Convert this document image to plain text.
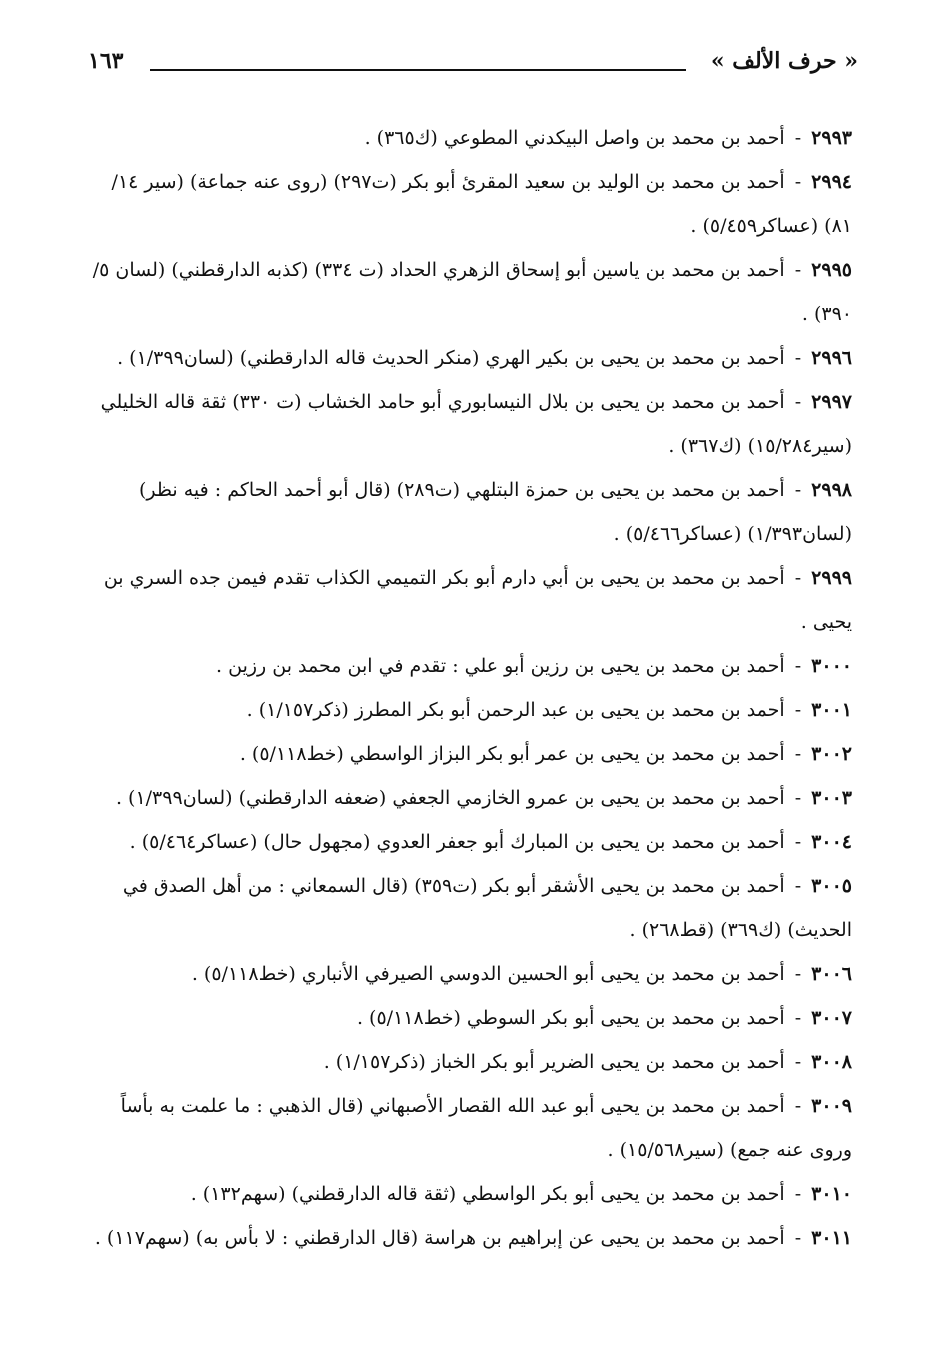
« حرف الألف »
١٦٣

٢٩٩٣ - أحمد بن محمد بن واصل البيكدني المطوعي (ك٣٦٥) .

٢٩٩٤ - أحمد بن محمد بن الوليد بن سعيد المقرئ أبو بكر (ت٢٩٧) (روى عنه جماعة) (سير ١٤/ ٨١) (عساكر٥/٤٥٩) .

٢٩٩٥ - أحمد بن محمد بن ياسين أبو إسحاق الزهري الحداد (ت ٣٣٤) (كذبه الدارقطني) (لسان ٥/ ٣٩٠) .

٢٩٩٦ - أحمد بن محمد بن يحيى بن بكير الهري (منكر الحديث قاله الدارقطني) (لسان١/٣٩٩) .

٢٩٩٧ - أحمد بن محمد بن يحيى بن بلال النيسابوري أبو حامد الخشاب (ت ٣٣٠) ثقة قاله الخليلي (سير١٥/٢٨٤) (ك٣٦٧) .

٢٩٩٨ - أحمد بن محمد بن يحيى بن حمزة البتلهي (ت٢٨٩) (قال أبو أحمد الحاكم : فيه نظر) (لسان١/٣٩٣) (عساكر٥/٤٦٦) .

٢٩٩٩ - أحمد بن محمد بن يحيى بن أبي دارم أبو بكر التميمي الكذاب تقدم فيمن جده السري بن يحيى .

٣٠٠٠ - أحمد بن محمد بن يحيى بن رزين أبو علي : تقدم في ابن محمد بن رزين .

٣٠٠١ - أحمد بن محمد بن يحيى بن عبد الرحمن أبو بكر المطرز (ذكر١/١٥٧) .

٣٠٠٢ - أحمد بن محمد بن يحيى بن عمر أبو بكر البزاز الواسطي (خط٥/١١٨) .

٣٠٠٣ - أحمد بن محمد بن يحيى بن عمرو الخازمي الجعفي (ضعفه الدارقطني) (لسان١/٣٩٩) .

٣٠٠٤ - أحمد بن محمد بن يحيى بن المبارك أبو جعفر العدوي (مجهول حال) (عساكر٥/٤٦٤) .

٣٠٠٥ - أحمد بن محمد بن يحيى الأشقر أبو بكر (ت٣٥٩) (قال السمعاني : من أهل الصدق في الحديث) (ك٣٦٩) (قط٢٦٨) .

٣٠٠٦ - أحمد بن محمد بن يحيى أبو الحسين الدوسي الصيرفي الأنباري (خط٥/١١٨) .

٣٠٠٧ - أحمد بن محمد بن يحيى أبو بكر السوطي (خط٥/١١٨) .

٣٠٠٨ - أحمد بن محمد بن يحيى الضرير أبو بكر الخباز (ذكر١/١٥٧) .

٣٠٠٩ - أحمد بن محمد بن يحيى أبو عبد الله القصار الأصبهاني (قال الذهبي : ما علمت به بأساً وروى عنه جمع) (سير١٥/٥٦٨) .

٣٠١٠ - أحمد بن محمد بن يحيى أبو بكر الواسطي (ثقة قاله الدارقطني) (سهم١٣٢) .

٣٠١١ - أحمد بن محمد بن يحيى عن إبراهيم بن هراسة (قال الدارقطني : لا بأس به) (سهم١١٧) .
